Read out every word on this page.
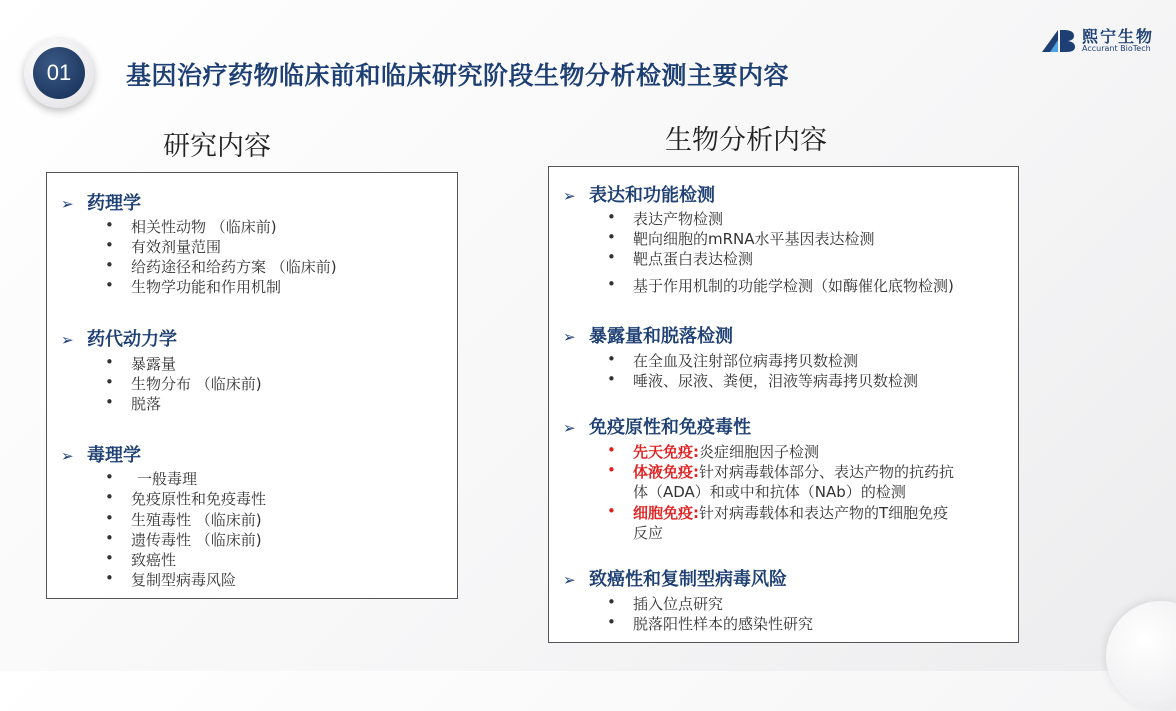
01	基因治疗药物临床前和临床研究阶段生物分析检测主要内容
熙宁生物
Accurant BioTech
研究内容	生物分析内容
➢ 药理学
• 相关性动物 （临床前)
• 有效剂量范围
• 给药途径和给药方案 （临床前)
• 生物学功能和作用机制
➢ 药代动力学
• 暴露量
• 生物分布 （临床前)
• 脱落
➢ 毒理学
• 一般毒理
• 免疫原性和免疫毒性
• 生殖毒性 （临床前)
• 遗传毒性 （临床前)
• 致癌性
• 复制型病毒风险
➢ 表达和功能检测
• 表达产物检测
• 靶向细胞的mRNA水平基因表达检测
• 靶点蛋白表达检测
• 基于作用机制的功能学检测（如酶催化底物检测)
➢ 暴露量和脱落检测
• 在全血及注射部位病毒拷贝数检测
• 唾液、尿液、粪便，泪液等病毒拷贝数检测
➢ 免疫原性和免疫毒性
• 先天免疫:炎症细胞因子检测
• 体液免疫:针对病毒载体部分、表达产物的抗药抗
体（ADA）和或中和抗体（NAb）的检测
• 细胞免疫:针对病毒载体和表达产物的T细胞免疫
反应
➢ 致癌性和复制型病毒风险
• 插入位点研究
• 脱落阳性样本的感染性研究
